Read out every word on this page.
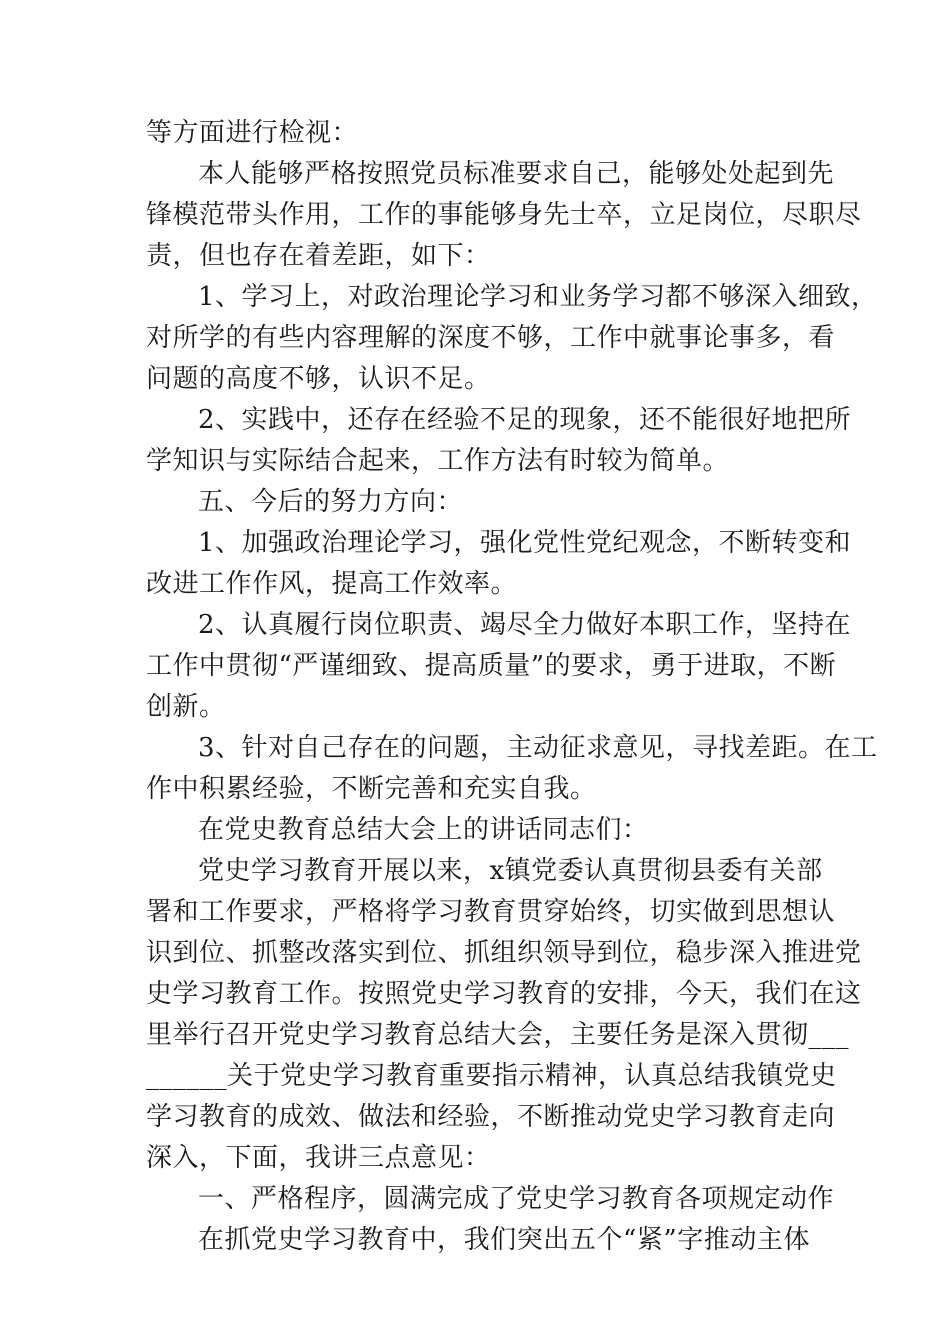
等方面进行检视：
本人能够严格按照党员标准要求自己，能够处处起到先
锋模范带头作用，工作的事能够身先士卒，立足岗位，尽职尽
责，但也存在着差距，如下：
1、学习上，对政治理论学习和业务学习都不够深入细致，
对所学的有些内容理解的深度不够，工作中就事论事多，看
问题的高度不够，认识不足。
2、实践中，还存在经验不足的现象，还不能很好地把所
学知识与实际结合起来，工作方法有时较为简单。
五、今后的努力方向：
1、加强政治理论学习，强化党性党纪观念，不断转变和
改进工作作风，提高工作效率。
2、认真履行岗位职责、竭尽全力做好本职工作，坚持在
工作中贯彻“严谨细致、提高质量”的要求，勇于进取，不断
创新。
3、针对自己存在的问题，主动征求意见，寻找差距。在工
作中积累经验，不断完善和充实自我。
在党史教育总结大会上的讲话同志们：
党史学习教育开展以来，x镇党委认真贯彻县委有关部
署和工作要求，严格将学习教育贯穿始终，切实做到思想认
识到位、抓整改落实到位、抓组织领导到位，稳步深入推进党
史学习教育工作。按照党史学习教育的安排，今天，我们在这
里举行召开党史学习教育总结大会，主要任务是深入贯彻___
______关于党史学习教育重要指示精神，认真总结我镇党史
学习教育的成效、做法和经验，不断推动党史学习教育走向
深入，下面，我讲三点意见：
一、严格程序，圆满完成了党史学习教育各项规定动作
在抓党史学习教育中，我们突出五个“紧”字推动主体
